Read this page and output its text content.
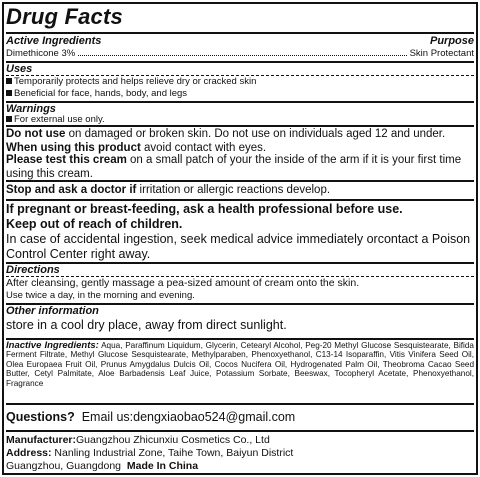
Drug Facts
Active Ingredients	Purpose
Dimethicone 3%	Skin Protectant
Uses
Temporarily protects and helps relieve dry or cracked skin
Beneficial for face, hands, body, and legs
Warnings
For external use only.
Do not use on damaged or broken skin. Do not use on individuals aged 12 and under.
When using this product avoid contact with eyes.
Please test this cream on a small patch of your the inside of the arm if it is your first time using this cream.
Stop and ask a doctor if irritation or allergic reactions develop.
If pregnant or breast-feeding, ask a health professional before use.
Keep out of reach of children.
In case of accidental ingestion, seek medical advice immediately orcontact a Poison Control Center right away.
Directions
After cleansing, gently massage a pea-sized amount of cream onto the skin.
Use twice a day, in the morning and evening.
Other information
store in a cool dry place, away from direct sunlight.
Inactive Ingredients: Aqua, Paraffinum Liquidum, Glycerin, Cetearyl Alcohol, Peg-20 Methyl Glucose Sesquistearate, Bifida Ferment Filtrate, Methyl Glucose Sesquistearate, Methylparaben, Phenoxyethanol, C13-14 Isoparaffin, Vitis Vinifera Seed Oil, Olea Europaea Fruit Oil, Prunus Amygdalus Dulcis Oil, Cocos Nucifera Oil, Hydrogenated Palm Oil, Theobroma Cacao Seed Butter, Cetyl Palmitate, Aloe Barbadensis Leaf Juice, Potassium Sorbate, Beeswax, Tocopheryl Acetate, Phenoxyethanol, Fragrance
Questions? Email us:dengxiaobao524@gmail.com
Manufacturer:Guangzhou Zhicunxiu Cosmetics Co., Ltd
Address: Nanling Industrial Zone, Taihe Town, Baiyun District
Guangzhou, Guangdong Made In China
